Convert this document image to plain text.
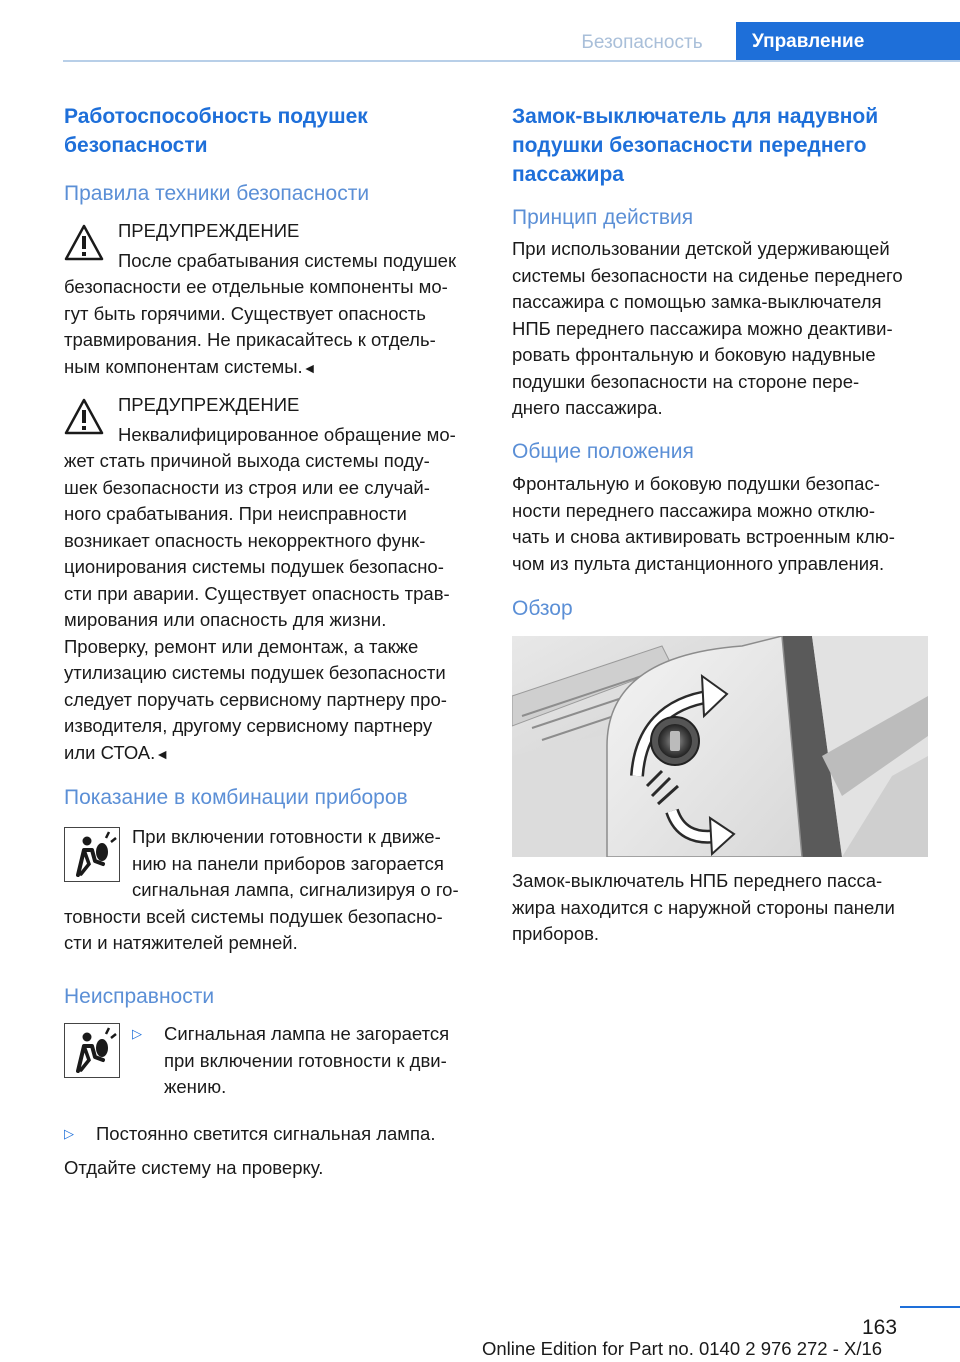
Безопасность	Управление
Работоспособность подушек безопасности
Правила техники безопасности
ПРЕДУПРЕЖДЕНИЕ
После срабатывания системы подушек
безопасности ее отдельные компоненты мо-
гут быть горячими. Существует опасность
травмирования. Не прикасайтесь к отдель-
ным компонентам системы.◄
ПРЕДУПРЕЖДЕНИЕ
Неквалифицированное обращение мо-
жет стать причиной выхода системы поду-
шек безопасности из строя или ее случай-
ного срабатывания. При неисправности
возникает опасность некорректного функ-
ционирования системы подушек безопасно-
сти при аварии. Существует опасность трав-
мирования или опасность для жизни.
Проверку, ремонт или демонтаж, а также
утилизацию системы подушек безопасности
следует поручать сервисному партнеру про-
изводителя, другому сервисному партнеру
или СТОА.◄
Показание в комбинации приборов
При включении готовности к движе-
нию на панели приборов загорается
сигнальная лампа, сигнализируя о го-
товности всей системы подушек безопасно-
сти и натяжителей ремней.
Неисправности
▷ Сигнальная лампа не загорается
при включении готовности к дви-
жению.
▷ Постоянно светится сигнальная лампа.
Отдайте систему на проверку.
Замок-выключатель для надувной подушки безопасности переднего пассажира
Принцип действия
При использовании детской удерживающей
системы безопасности на сиденье переднего
пассажира с помощью замка-выключателя
НПБ переднего пассажира можно деактиви-
ровать фронтальную и боковую надувные
подушки безопасности на стороне пере-
днего пассажира.
Общие положения
Фронтальную и боковую подушки безопас-
ности переднего пассажира можно отклю-
чать и снова активировать встроенным клю-
чом из пульта дистанционного управления.
Обзор
Замок-выключатель НПБ переднего пасса-
жира находится с наружной стороны панели
приборов.
163
Online Edition for Part no. 0140 2 976 272 - X/16
